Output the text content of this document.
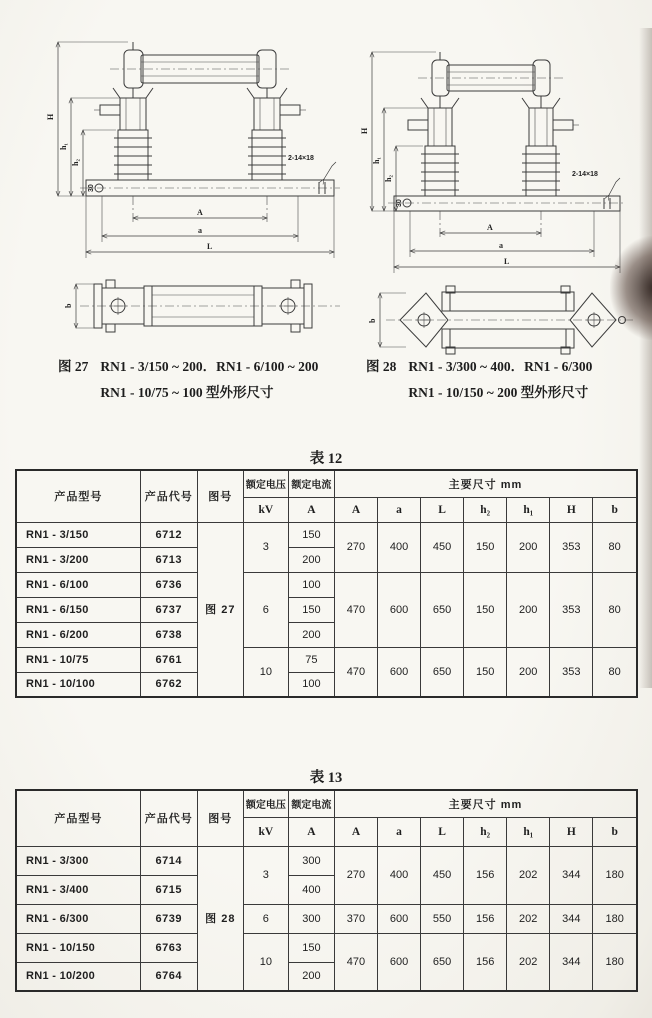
30
2-14×18
H
h₁
h₂
A
a
L
b
30
2-14×18
H
h₁
h₂
A
a
L
b
图 27 RN1 - 3/150 ~ 200．RN1 - 6/100 ~ 200
RN1 - 10/75 ~ 100 型外形尺寸
图 28 RN1 - 3/300 ~ 400．RN1 - 6/300
RN1 - 10/150 ~ 200 型外形尺寸
表 12
产品型号	产品代号	图号	额定电压	额定电流	主要尺寸 mm						
			kV	A	A	a	L	h₂	h₁	H	b
RN1 - 3/150	6712	图 27	3	150	270	400	450	150	200	353	80
RN1 - 3/200	6713			200							
RN1 - 6/100	6736		6	100	470	600	650	150	200	353	80
RN1 - 6/150	6737			150							
RN1 - 6/200	6738			200							
RN1 - 10/75	6761		10	75	470	600	650	150	200	353	80
RN1 - 10/100	6762			100							
表 13
产品型号	产品代号	图号	额定电压	额定电流	主要尺寸 mm						
			kV	A	A	a	L	h₂	h₁	H	b
RN1 - 3/300	6714	图 28	3	300	270	400	450	156	202	344	180
RN1 - 3/400	6715			400							
RN1 - 6/300	6739		6	300	370	600	550	156	202	344	180
RN1 - 10/150	6763		10	150	470	600	650	156	202	344	180
RN1 - 10/200	6764			200							
